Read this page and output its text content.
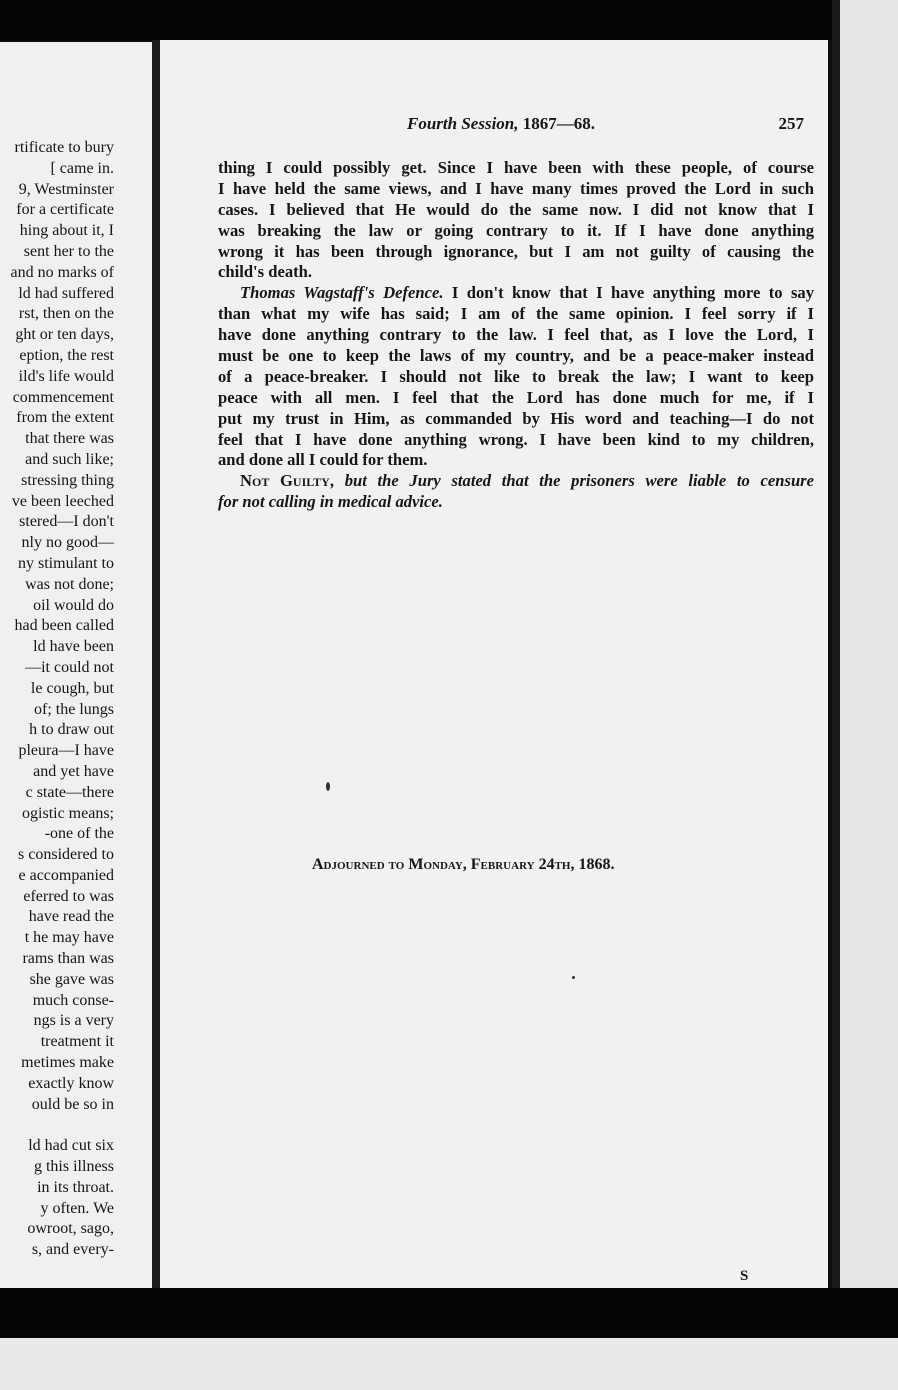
rtificate to bury
[ came in.
9, Westminster
for a certificate
hing about it, I
sent her to the
and no marks of
ld had suffered
rst, then on the
ght or ten days,
eption, the rest
ild's life would
commencement
from the extent
that there was
and such like;
stressing thing
ve been leeched
stered—I don't
nly no good—
ny stimulant to
was not done;
oil would do
had been called
ld have been
—it could not
le cough, but
of; the lungs
h to draw out
pleura—I have
and yet have
c state—there
ogistic means;
-one of the
s considered to
e accompanied
eferred to was
have read the
t he may have
rams than was
she gave was
much conse-
ngs is a very
treatment it
metimes make
exactly know
ould be so in
ld had cut six
g this illness
in its throat.
y often. We
owroot, sago,
s, and every-
Fourth Session, 1867—68.	257
thing I could possibly get. Since I have been with these people, of course
I have held the same views, and I have many times proved the Lord in such
cases. I believed that He would do the same now. I did not know that I
was breaking the law or going contrary to it. If I have done anything
wrong it has been through ignorance, but I am not guilty of causing the
child's death.
Thomas Wagstaff's Defence. I don't know that I have anything more to say
than what my wife has said; I am of the same opinion. I feel sorry if I
have done anything contrary to the law. I feel that, as I love the Lord, I
must be one to keep the laws of my country, and be a peace-maker instead
of a peace-breaker. I should not like to break the law; I want to keep
peace with all men. I feel that the Lord has done much for me, if I
put my trust in Him, as commanded by His word and teaching—I do not
feel that I have done anything wrong. I have been kind to my children,
and done all I could for them.
Not Guilty, but the Jury stated that the prisoners were liable to censure
for not calling in medical advice.
Adjourned to Monday, February 24th, 1868.
S
